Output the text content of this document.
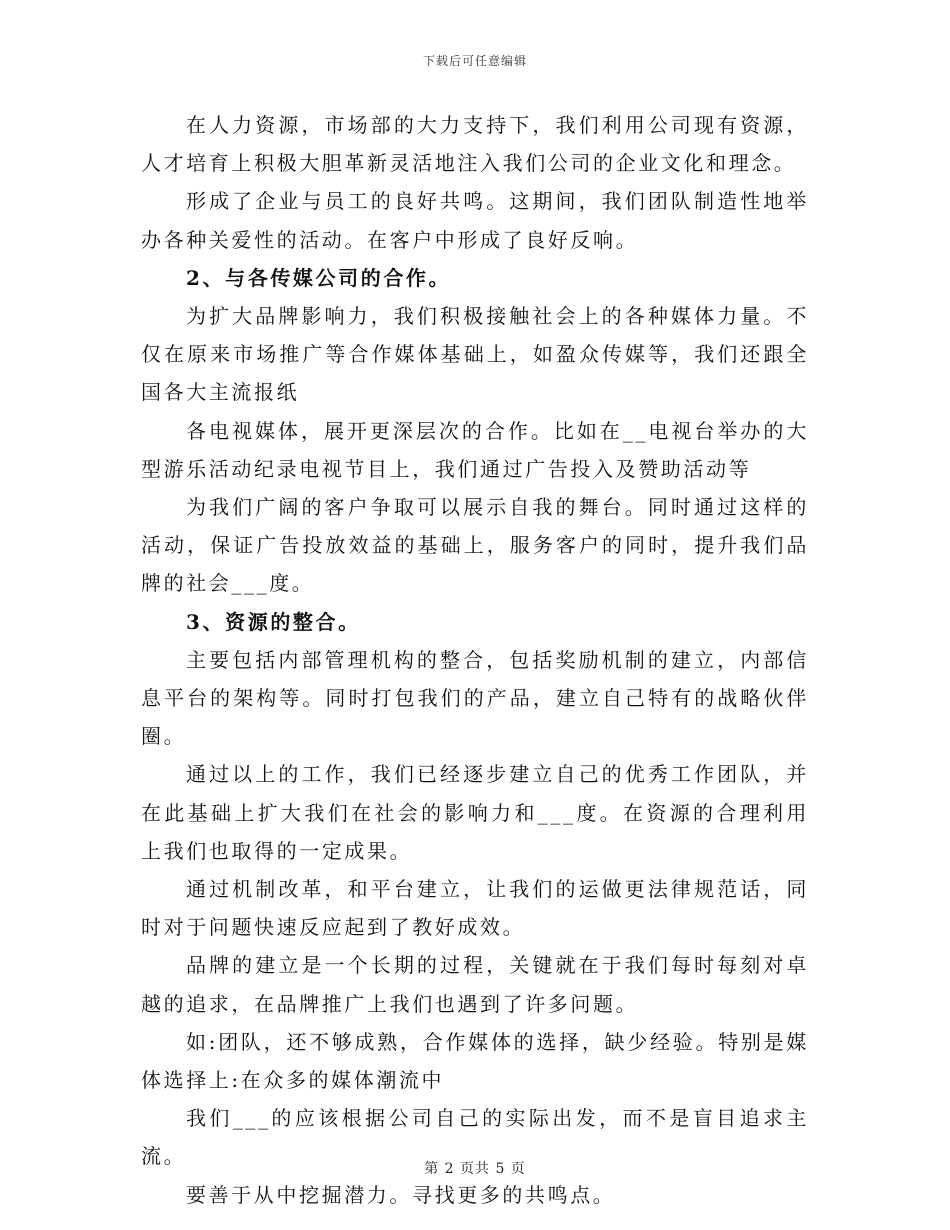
下载后可任意编辑

在人力资源，市场部的大力支持下，我们利用公司现有资源，人才培育上积极大胆革新灵活地注入我们公司的企业文化和理念。

形成了企业与员工的良好共鸣。这期间，我们团队制造性地举办各种关爱性的活动。在客户中形成了良好反响。

2、与各传媒公司的合作。

为扩大品牌影响力，我们积极接触社会上的各种媒体力量。不仅在原来市场推广等合作媒体基础上，如盈众传媒等，我们还跟全国各大主流报纸

各电视媒体，展开更深层次的合作。比如在__电视台举办的大型游乐活动纪录电视节目上，我们通过广告投入及赞助活动等

为我们广阔的客户争取可以展示自我的舞台。同时通过这样的活动，保证广告投放效益的基础上，服务客户的同时，提升我们品牌的社会___度。

3、资源的整合。

主要包括内部管理机构的整合，包括奖励机制的建立，内部信息平台的架构等。同时打包我们的产品，建立自己特有的战略伙伴圈。

通过以上的工作，我们已经逐步建立自己的优秀工作团队，并在此基础上扩大我们在社会的影响力和___度。在资源的合理利用上我们也取得的一定成果。

通过机制改革，和平台建立，让我们的运做更法律规范话，同时对于问题快速反应起到了教好成效。

品牌的建立是一个长期的过程，关键就在于我们每时每刻对卓越的追求，在品牌推广上我们也遇到了许多问题。

如:团队，还不够成熟，合作媒体的选择，缺少经验。特别是媒体选择上:在众多的媒体潮流中

我们___的应该根据公司自己的实际出发，而不是盲目追求主流。

要善于从中挖掘潜力。寻找更多的共鸣点。

第 2 页共 5 页
